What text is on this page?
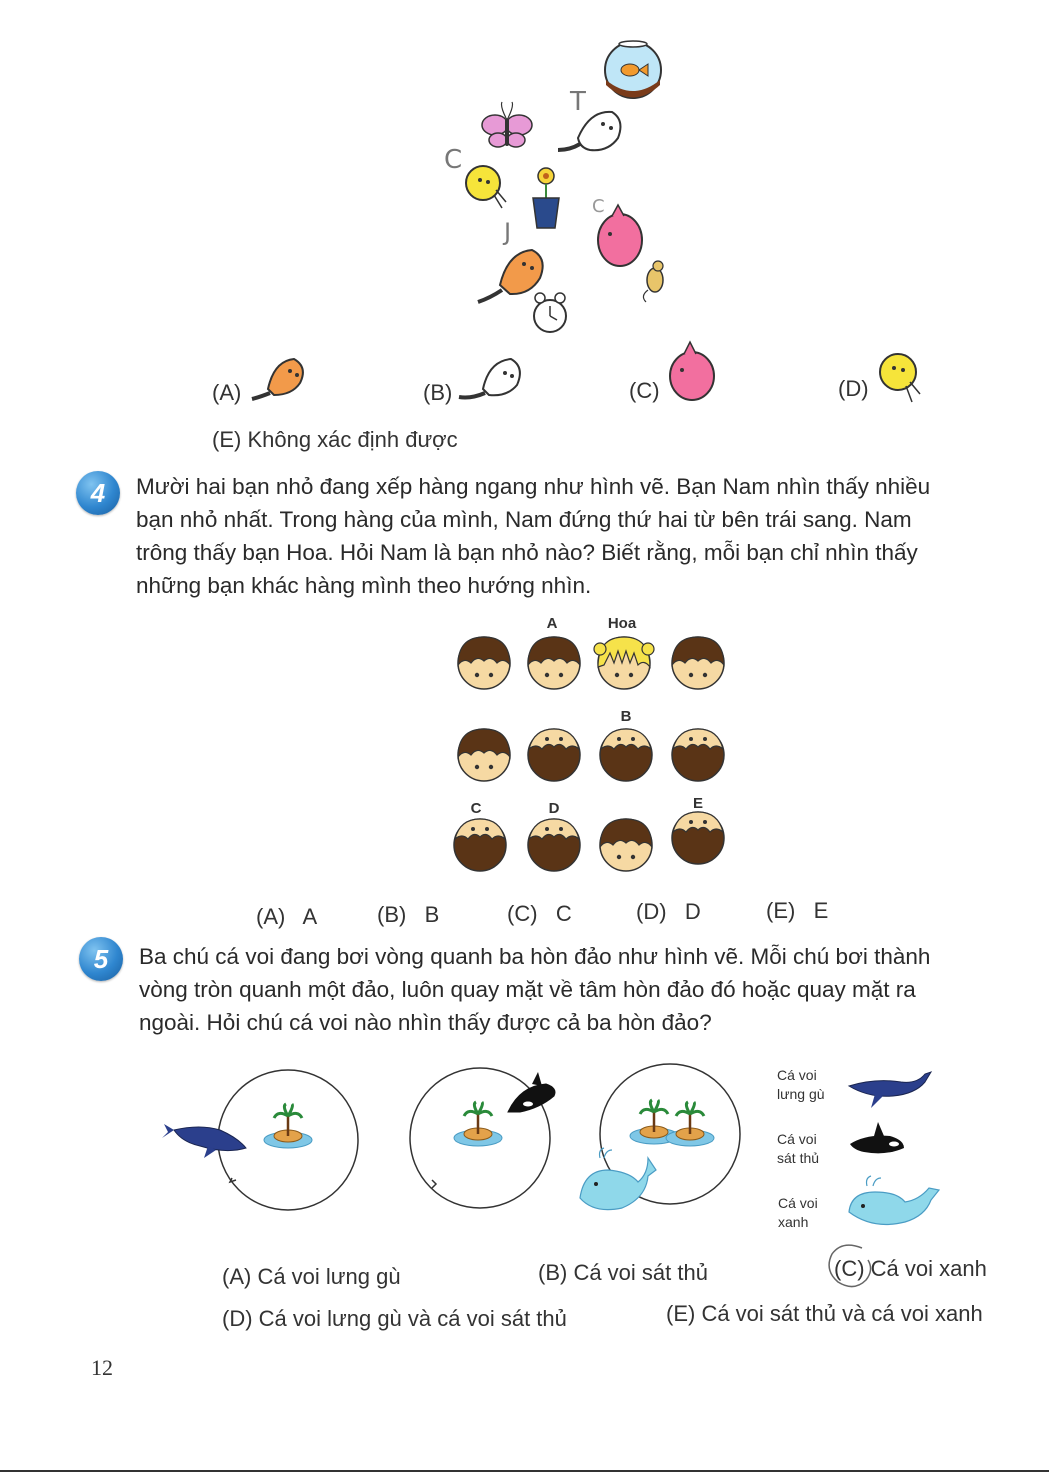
T
C
C
J
(A)	(B)	(C)	(D)
(E) Không xác định được
4	Mười hai bạn nhỏ đang xếp hàng ngang như hình vẽ. Bạn Nam nhìn thấy nhiều
bạn nhỏ nhất. Trong hàng của mình, Nam đứng thứ hai từ bên trái sang. Nam
trông thấy bạn Hoa. Hỏi Nam là bạn nhỏ nào? Biết rằng, mỗi bạn chỉ nhìn thấy
những bạn khác hàng mình theo hướng nhìn.
A	Hoa
B
C	D	E
(A) A	(B) B	(C) C	(D) D	(E) E
5	Ba chú cá voi đang bơi vòng quanh ba hòn đảo như hình vẽ. Mỗi chú bơi thành
vòng tròn quanh một đảo, luôn quay mặt về tâm hòn đảo đó hoặc quay mặt ra
ngoài. Hỏi chú cá voi nào nhìn thấy được cả ba hòn đảo?
Cá voi
lưng gù
Cá voi
sát thủ
Cá voi
xanh
(A) Cá voi lưng gù	(B) Cá voi sát thủ	(C) Cá voi xanh
(D) Cá voi lưng gù và cá voi sát thủ	(E) Cá voi sát thủ và cá voi xanh
12
